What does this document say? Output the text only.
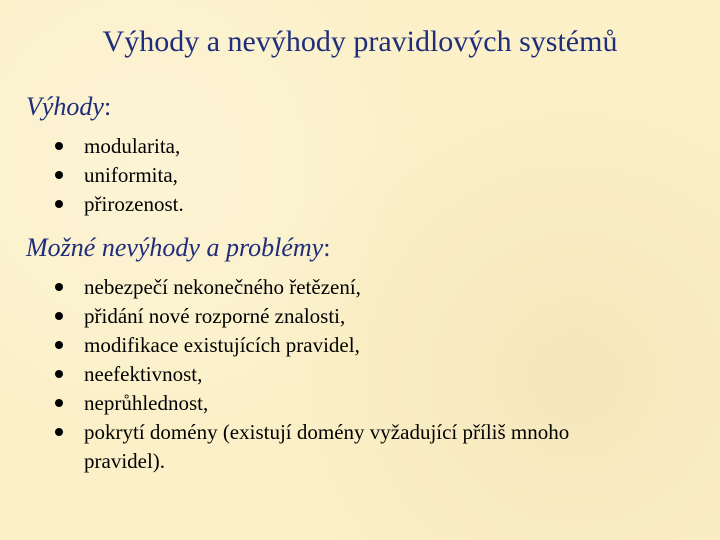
Výhody a nevýhody pravidlových systémů
Výhody:
modularita,
uniformita,
přirozenost.
Možné nevýhody a problémy:
nebezpečí nekonečného řetězení,
přidání nové rozporné znalosti,
modifikace existujících pravidel,
neefektivnost,
neprůhlednost,
pokrytí domény (existují domény vyžadující příliš mnoho pravidel).
